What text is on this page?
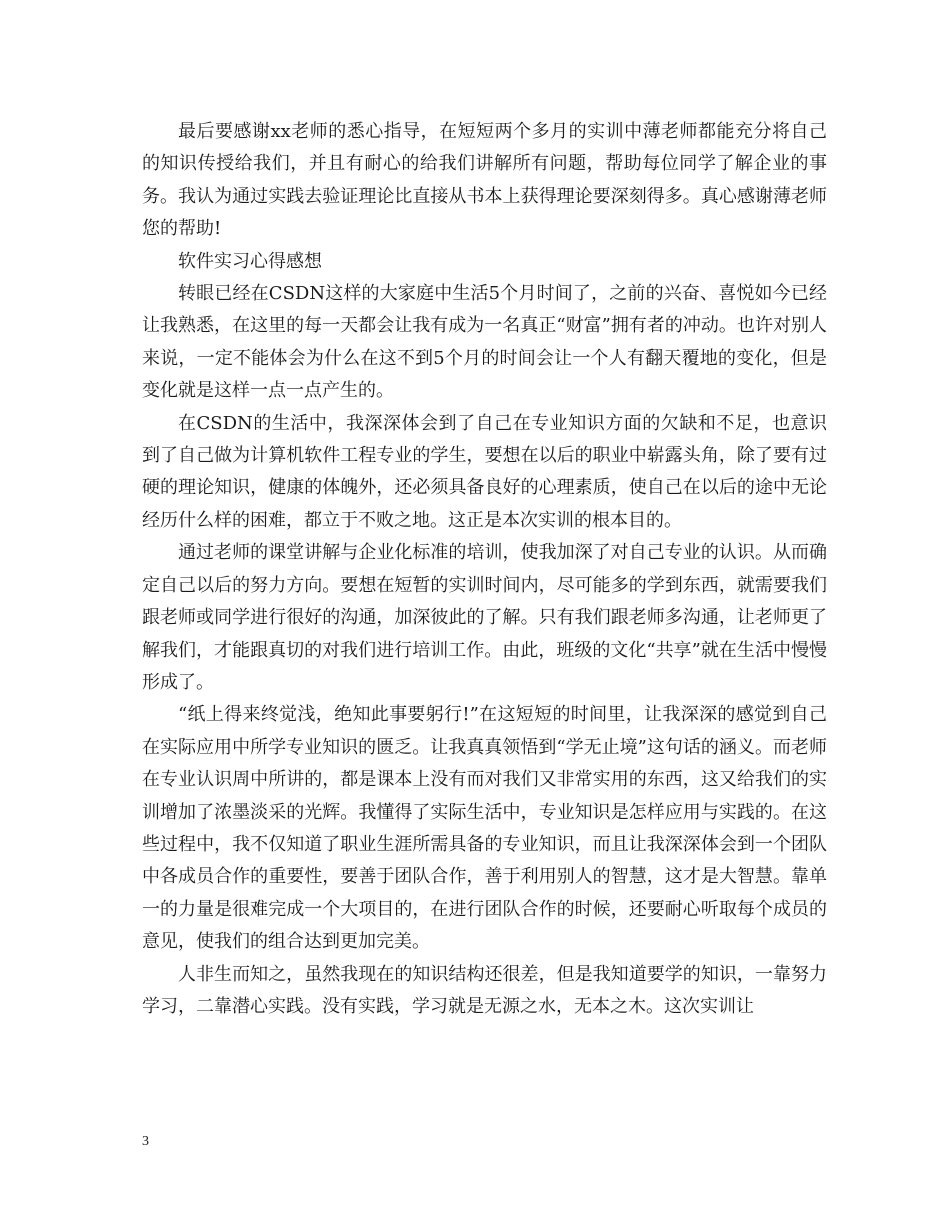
最后要感谢xx老师的悉心指导，在短短两个多月的实训中薄老师都能充分将自己的知识传授给我们，并且有耐心的给我们讲解所有问题，帮助每位同学了解企业的事务。我认为通过实践去验证理论比直接从书本上获得理论要深刻得多。真心感谢薄老师您的帮助!

软件实习心得感想

转眼已经在CSDN这样的大家庭中生活5个月时间了，之前的兴奋、喜悦如今已经让我熟悉，在这里的每一天都会让我有成为一名真正“财富”拥有者的冲动。也许对别人来说，一定不能体会为什么在这不到5个月的时间会让一个人有翻天覆地的变化，但是变化就是这样一点一点产生的。

在CSDN的生活中，我深深体会到了自己在专业知识方面的欠缺和不足，也意识到了自己做为计算机软件工程专业的学生，要想在以后的职业中崭露头角，除了要有过硬的理论知识，健康的体魄外，还必须具备良好的心理素质，使自己在以后的途中无论经历什么样的困难，都立于不败之地。这正是本次实训的根本目的。

通过老师的课堂讲解与企业化标准的培训，使我加深了对自己专业的认识。从而确定自己以后的努力方向。要想在短暂的实训时间内，尽可能多的学到东西，就需要我们跟老师或同学进行很好的沟通，加深彼此的了解。只有我们跟老师多沟通，让老师更了解我们，才能跟真切的对我们进行培训工作。由此，班级的文化“共享”就在生活中慢慢形成了。

“纸上得来终觉浅，绝知此事要躬行!”在这短短的时间里，让我深深的感觉到自己在实际应用中所学专业知识的匮乏。让我真真领悟到“学无止境”这句话的涵义。而老师在专业认识周中所讲的，都是课本上没有而对我们又非常实用的东西，这又给我们的实训增加了浓墨淡采的光辉。我懂得了实际生活中，专业知识是怎样应用与实践的。在这些过程中，我不仅知道了职业生涯所需具备的专业知识，而且让我深深体会到一个团队中各成员合作的重要性，要善于团队合作，善于利用别人的智慧，这才是大智慧。靠单一的力量是很难完成一个大项目的，在进行团队合作的时候，还要耐心听取每个成员的意见，使我们的组合达到更加完美。

人非生而知之，虽然我现在的知识结构还很差，但是我知道要学的知识，一靠努力学习，二靠潜心实践。没有实践，学习就是无源之水，无本之木。这次实训让

3
